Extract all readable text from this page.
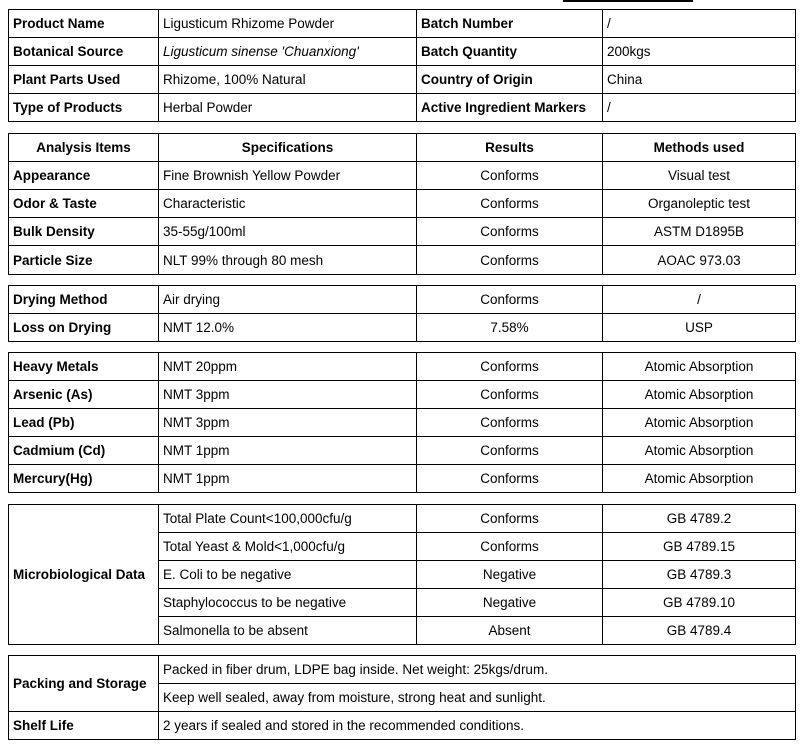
Product Name	Ligusticum Rhizome Powder	Batch Number	/
Botanical Source	Ligusticum sinense 'Chuanxiong'	Batch Quantity	200kgs
Plant Parts Used	Rhizome, 100% Natural	Country of Origin	China
Type of Products	Herbal Powder	Active Ingredient Markers	/
Analysis Items	Specifications	Results	Methods used
Appearance	Fine Brownish Yellow Powder	Conforms	Visual test
Odor & Taste	Characteristic	Conforms	Organoleptic test
Bulk Density	35-55g/100ml	Conforms	ASTM D1895B
Particle Size	NLT 99% through 80 mesh	Conforms	AOAC 973.03
Drying Method	Air drying	Conforms	/
Loss on Drying	NMT 12.0%	7.58%	USP
Heavy Metals	NMT 20ppm	Conforms	Atomic Absorption
Arsenic (As)	NMT 3ppm	Conforms	Atomic Absorption
Lead (Pb)	NMT 3ppm	Conforms	Atomic Absorption
Cadmium (Cd)	NMT 1ppm	Conforms	Atomic Absorption
Mercury(Hg)	NMT 1ppm	Conforms	Atomic Absorption
Microbiological Data	Total Plate Count<100,000cfu/g	Conforms	GB 4789.2
	Total Yeast & Mold<1,000cfu/g	Conforms	GB 4789.15
	E. Coli to be negative	Negative	GB 4789.3
	Staphylococcus to be negative	Negative	GB 4789.10
	Salmonella to be absent	Absent	GB 4789.4
Packing and Storage	Packed in fiber drum, LDPE bag inside. Net weight: 25kgs/drum.
	Keep well sealed, away from moisture, strong heat and sunlight.
Shelf Life	2 years if sealed and stored in the recommended conditions.
